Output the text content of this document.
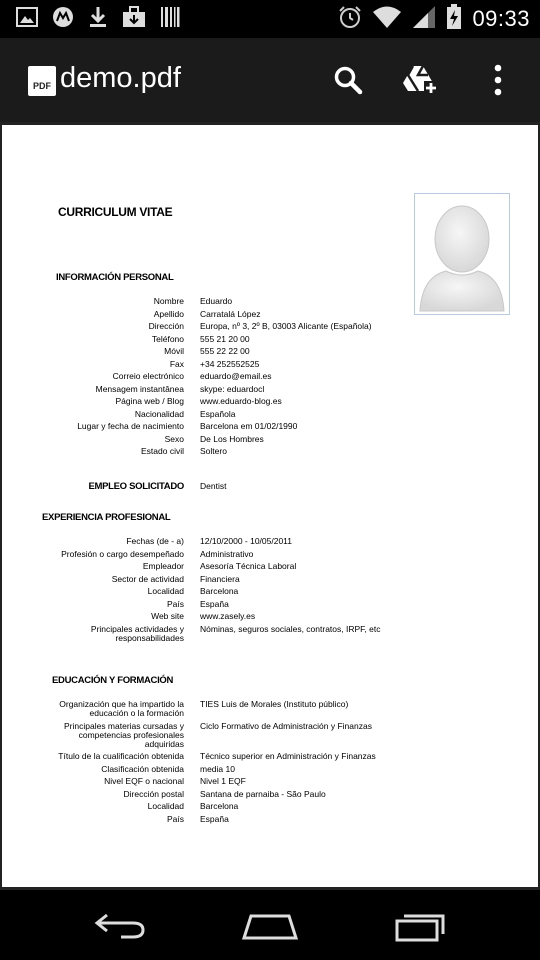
09:33
PDF demo.pdf
CURRICULUM VITAE
INFORMACIÓN PERSONAL
Nombre Eduardo
Apellido Carratalá López
Dirección Europa, nº 3, 2º B, 03003 Alicante (Española)
Teléfono 555 21 20 00
Móvil 555 22 22 00
Fax +34 252552525
Correio electrónico eduardo@email.es
Mensagem instantânea skype: eduardocl
Página web / Blog www.eduardo-blog.es
Nacionalidad Española
Lugar y fecha de nacimiento Barcelona em 01/02/1990
Sexo De Los Hombres
Estado civil Soltero
EMPLEO SOLICITADO Dentist
EXPERIENCIA PROFESIONAL
Fechas (de - a) 12/10/2000 - 10/05/2011
Profesión o cargo desempeñado Administrativo
Empleador Asesoría Técnica Laboral
Sector de actividad Financiera
Localidad Barcelona
País España
Web site www.zasely.es
Principales actividades y
responsabilidades
Nóminas, seguros sociales, contratos, IRPF, etc
EDUCACIÓN Y FORMACIÓN
Organización que ha impartido la
educación o la formación
TIES Luis de Morales (Instituto público)
Principales materias cursadas y
competencias profesionales
adquiridas
Ciclo Formativo de Administración y Finanzas
Título de la cualificación obtenida Técnico superior en Administración y Finanzas
Clasificación obtenida media 10
Nivel EQF o nacional Nivel 1 EQF
Dirección postal Santana de parnaiba - São Paulo
Localidad Barcelona
País España
